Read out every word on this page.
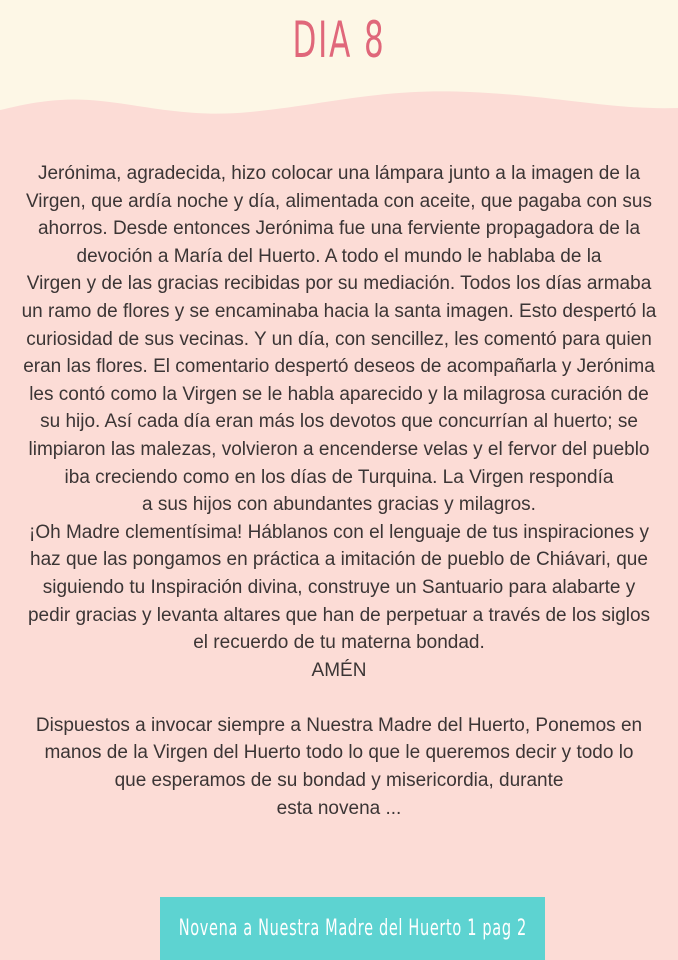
DIA 8

Jerónima, agradecida, hizo colocar una lámpara junto a la imagen de la
Virgen, que ardía noche y día, alimentada con aceite, que pagaba con sus
ahorros. Desde entonces Jerónima fue una ferviente propagadora de la
devoción a María del Huerto. A todo el mundo le hablaba de la
Virgen y de las gracias recibidas por su mediación. Todos los días armaba
un ramo de flores y se encaminaba hacia la santa imagen. Esto despertó la
curiosidad de sus vecinas. Y un día, con sencillez, les comentó para quien
eran las flores. El comentario despertó deseos de acompañarla y Jerónima
les contó como la Virgen se le habla aparecido y la milagrosa curación de
su hijo. Así cada día eran más los devotos que concurrían al huerto; se
limpiaron las malezas, volvieron a encenderse velas y el fervor del pueblo
iba creciendo como en los días de Turquina. La Virgen respondía
a sus hijos con abundantes gracias y milagros.

¡Oh Madre clementísima! Háblanos con el lenguaje de tus inspiraciones y
haz que las pongamos en práctica a imitación de pueblo de Chiávari, que
siguiendo tu Inspiración divina, construye un Santuario para alabarte y
pedir gracias y levanta altares que han de perpetuar a través de los siglos
el recuerdo de tu materna bondad.
AMÉN

Dispuestos a invocar siempre a Nuestra Madre del Huerto, Ponemos en
manos de la Virgen del Huerto todo lo que le queremos decir y todo lo
que esperamos de su bondad y misericordia, durante
esta novena ...

Novena a Nuestra Madre del Huerto 1 pag 2
